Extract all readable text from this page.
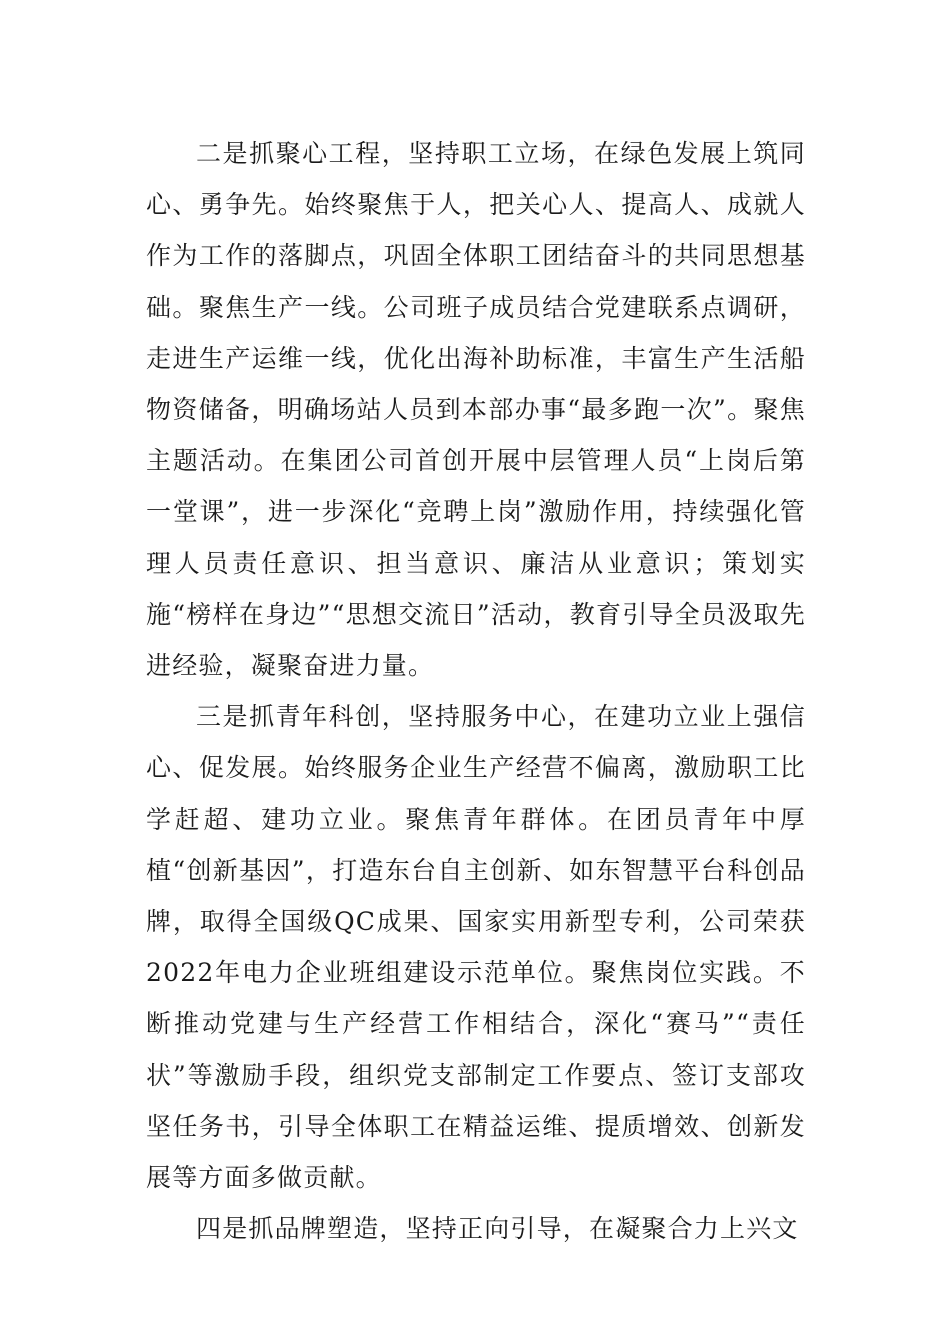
二是抓聚心工程，坚持职工立场，在绿色发展上筑同心、勇争先。始终聚焦于人，把关心人、提高人、成就人作为工作的落脚点，巩固全体职工团结奋斗的共同思想基础。聚焦生产一线。公司班子成员结合党建联系点调研，走进生产运维一线，优化出海补助标准，丰富生产生活船物资储备，明确场站人员到本部办事“最多跑一次”。聚焦主题活动。在集团公司首创开展中层管理人员“上岗后第一堂课”，进一步深化“竞聘上岗”激励作用，持续强化管理人员责任意识、担当意识、廉洁从业意识；策划实施“榜样在身边”“思想交流日”活动，教育引导全员汲取先进经验，凝聚奋进力量。

三是抓青年科创，坚持服务中心，在建功立业上强信心、促发展。始终服务企业生产经营不偏离，激励职工比学赶超、建功立业。聚焦青年群体。在团员青年中厚植“创新基因”，打造东台自主创新、如东智慧平台科创品牌，取得全国级QC成果、国家实用新型专利，公司荣获2022年电力企业班组建设示范单位。聚焦岗位实践。不断推动党建与生产经营工作相结合，深化“赛马”“责任状”等激励手段，组织党支部制定工作要点、签订支部攻坚任务书，引导全体职工在精益运维、提质增效、创新发展等方面多做贡献。

四是抓品牌塑造，坚持正向引导，在凝聚合力上兴文
